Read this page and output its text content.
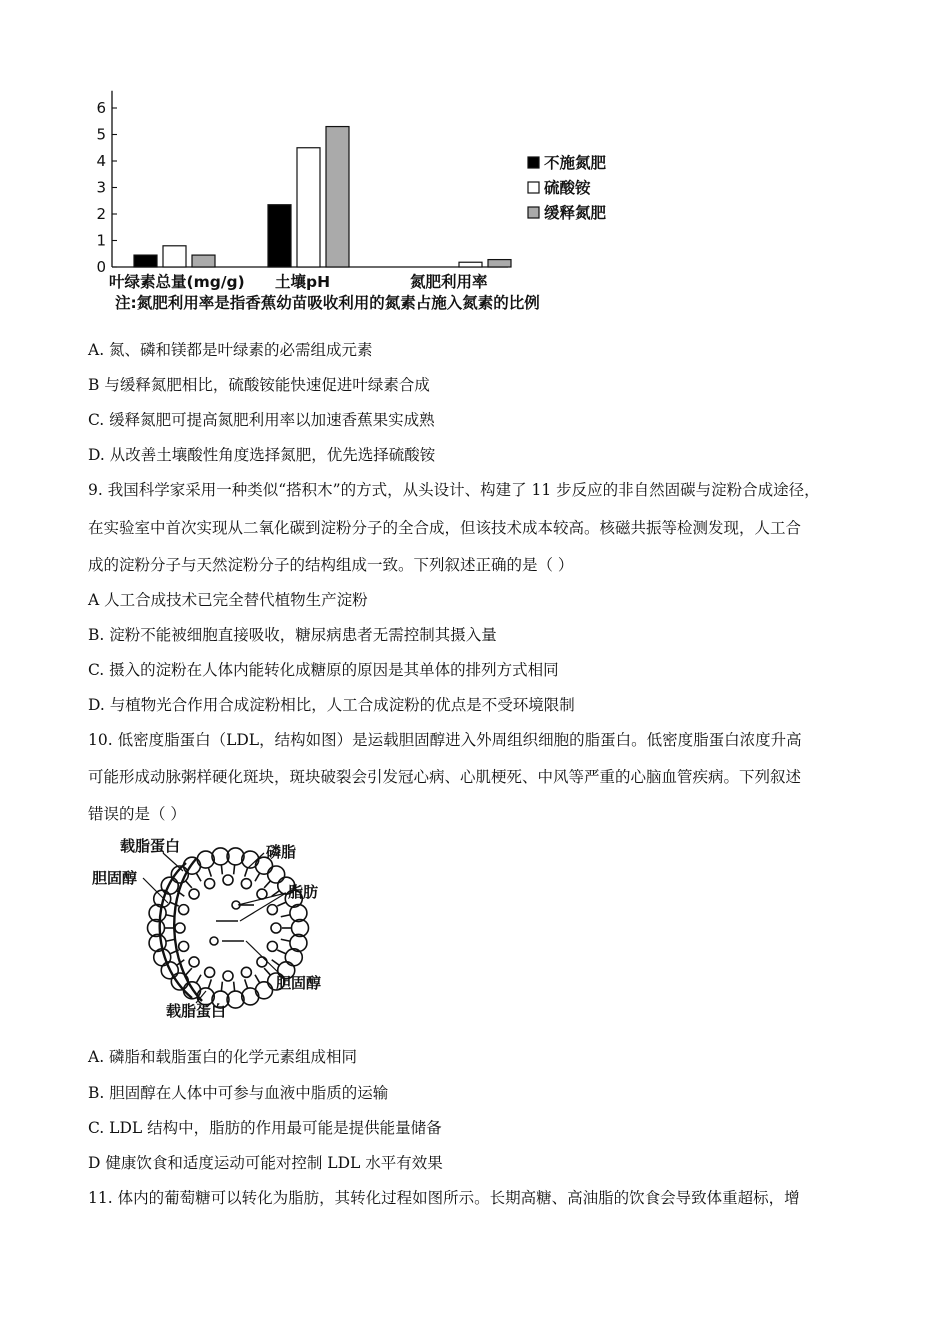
0
1
2
3
4
5
6
叶绿素总量(mg/g) 土壤pH	氮肥利用率
注:氮肥利用率是指香蕉幼苗吸收利用的氮素占施入氮素的比例
不施氮肥
硫酸铵
缓释氮肥
A. 氮、磷和镁都是叶绿素的必需组成元素
B 与缓释氮肥相比，硫酸铵能快速促进叶绿素合成
C. 缓释氮肥可提高氮肥利用率以加速香蕉果实成熟
D. 从改善土壤酸性角度选择氮肥，优先选择硫酸铵
9. 我国科学家采用一种类似“搭积木”的方式，从头设计、构建了 11 步反应的非自然固碳与淀粉合成途径，
在实验室中首次实现从二氧化碳到淀粉分子的全合成，但该技术成本较高。核磁共振等检测发现，人工合
成的淀粉分子与天然淀粉分子的结构组成一致。下列叙述正确的是（ ）
A 人工合成技术已完全替代植物生产淀粉
B. 淀粉不能被细胞直接吸收，糖尿病患者无需控制其摄入量
C. 摄入的淀粉在人体内能转化成糖原的原因是其单体的排列方式相同
D. 与植物光合作用合成淀粉相比，人工合成淀粉的优点是不受环境限制
10. 低密度脂蛋白（LDL，结构如图）是运载胆固醇进入外周组织细胞的脂蛋白。低密度脂蛋白浓度升高
可能形成动脉粥样硬化斑块，斑块破裂会引发冠心病、心肌梗死、中风等严重的心脑血管疾病。下列叙述
错误的是（ ）
载脂蛋白
胆固醇
磷脂
脂肪
胆固醇
载脂蛋白
A. 磷脂和载脂蛋白的化学元素组成相同
B. 胆固醇在人体中可参与血液中脂质的运输
C. LDL 结构中，脂肪的作用最可能是提供能量储备
D 健康饮食和适度运动可能对控制 LDL 水平有效果
11. 体内的葡萄糖可以转化为脂肪，其转化过程如图所示。长期高糖、高油脂的饮食会导致体重超标，增
